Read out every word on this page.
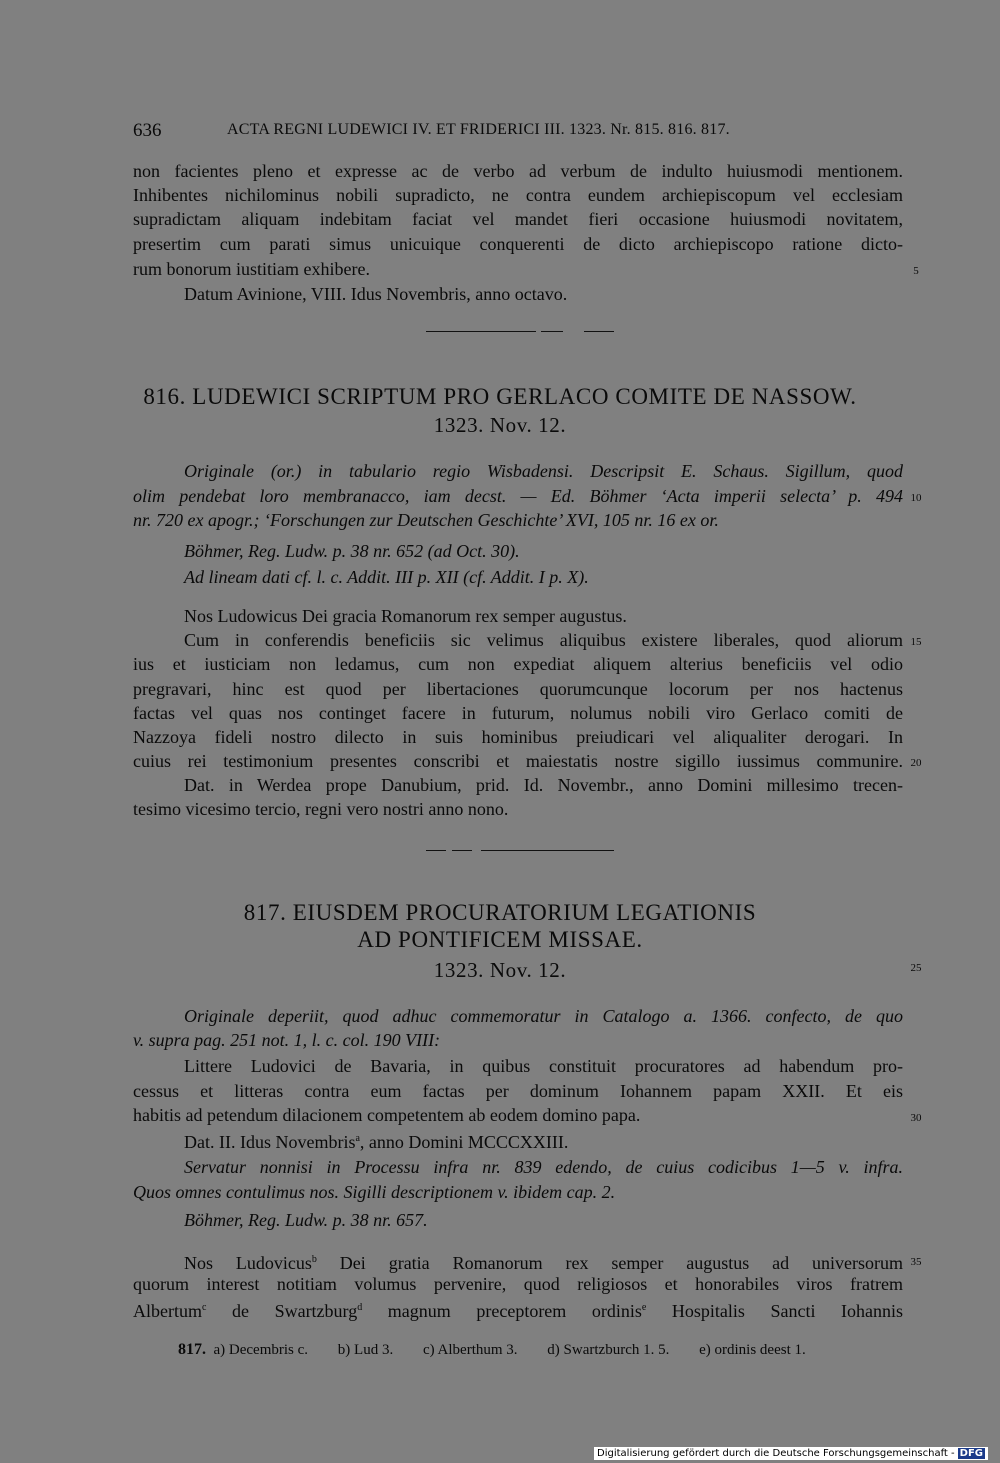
636	ACTA REGNI LUDEWICI IV. ET FRIDERICI III. 1323. Nr. 815. 816. 817.
non facientes pleno et expresse ac de verbo ad verbum de indulto huiusmodi mentionem.
Inhibentes nichilominus nobili supradicto, ne contra eundem archiepiscopum vel ecclesiam
supradictam aliquam indebitam faciat vel mandet fieri occasione huiusmodi novitatem,
presertim cum parati simus unicuique conquerenti de dicto archiepiscopo ratione dicto-
rum bonorum iustitiam exhibere.
Datum Avinione, VIII. Idus Novembris, anno octavo.
816. LUDEWICI SCRIPTUM PRO GERLACO COMITE DE NASSOW.
1323. Nov. 12.
Originale (or.) in tabulario regio Wisbadensi. Descripsit E. Schaus. Sigillum, quod
olim pendebat loro membranacco, iam decst. — Ed. Böhmer ‘Acta imperii selecta’ p. 494
nr. 720 ex apogr.; ‘Forschungen zur Deutschen Geschichte’ XVI, 105 nr. 16 ex or.
Böhmer, Reg. Ludw. p. 38 nr. 652 (ad Oct. 30).
Ad lineam dati cf. l. c. Addit. III p. XII (cf. Addit. I p. X).
Nos Ludowicus Dei gracia Romanorum rex semper augustus.
Cum in conferendis beneficiis sic velimus aliquibus existere liberales, quod aliorum
ius et iusticiam non ledamus, cum non expediat aliquem alterius beneficiis vel odio
pregravari, hinc est quod per libertaciones quorumcunque locorum per nos hactenus
factas vel quas nos continget facere in futurum, nolumus nobili viro Gerlaco comiti de
Nazzoya fideli nostro dilecto in suis hominibus preiudicari vel aliqualiter derogari. In
cuius rei testimonium presentes conscribi et maiestatis nostre sigillo iussimus communire.
Dat. in Werdea prope Danubium, prid. Id. Novembr., anno Domini millesimo trecen-
tesimo vicesimo tercio, regni vero nostri anno nono.
817. EIUSDEM PROCURATORIUM LEGATIONIS
AD PONTIFICEM MISSAE.
1323. Nov. 12.
Originale deperiit, quod adhuc commemoratur in Catalogo a. 1366. confecto, de quo
v. supra pag. 251 not. 1, l. c. col. 190 VIII:
Littere Ludovici de Bavaria, in quibus constituit procuratores ad habendum pro-
cessus et litteras contra eum factas per dominum Iohannem papam XXII. Et eis
habitis ad petendum dilacionem competentem ab eodem domino papa.
Dat. II. Idus Novembris$^a$, anno Domini MCCCXXIII.
Servatur nonnisi in Processu infra nr. 839 edendo, de cuius codicibus 1—5 v. infra.
Quos omnes contulimus nos. Sigilli descriptionem v. ibidem cap. 2.
Böhmer, Reg. Ludw. p. 38 nr. 657.
Nos Ludovicus$^b$ Dei gratia Romanorum rex semper augustus ad universorum
quorum interest notitiam volumus pervenire, quod religiosos et honorabiles viros fratrem
Albertum$^c$ de Swartzburg$^d$ magnum preceptorem ordinis$^e$ Hospitalis Sancti Iohannis
5
10
15
20
25
30
35
817. a) Decembris c. b) Lud 3. c) Alberthum 3. d) Swartzburch 1. 5. e) ordinis deest 1.
Digitalisierung gefördert durch die Deutsche Forschungsgemeinschaft - DFG
